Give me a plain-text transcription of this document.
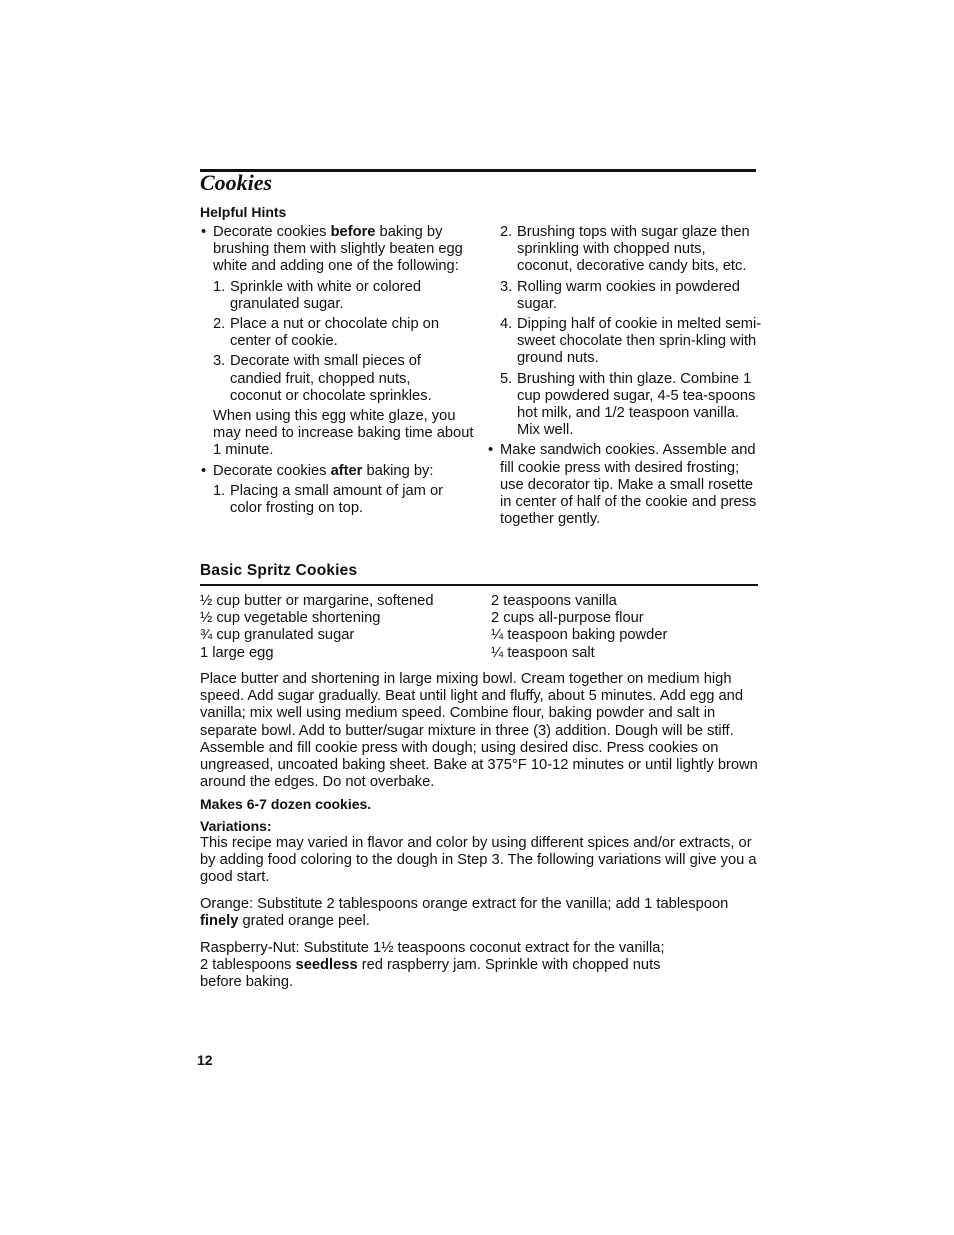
Cookies
Helpful Hints
• Decorate cookies before baking by brushing them with slightly beaten egg white and adding one of the following:
1. Sprinkle with white or colored granulated sugar.
2. Place a nut or chocolate chip on center of cookie.
3. Decorate with small pieces of candied fruit, chopped nuts, coconut or chocolate sprinkles.
When using this egg white glaze, you may need to increase baking time about 1 minute.
• Decorate cookies after baking by:
1. Placing a small amount of jam or color frosting on top.
2. Brushing tops with sugar glaze then sprinkling with chopped nuts, coconut, decorative candy bits, etc.
3. Rolling warm cookies in powdered sugar.
4. Dipping half of cookie in melted semi-sweet chocolate then sprin-kling with ground nuts.
5. Brushing with thin glaze. Combine 1 cup powdered sugar, 4-5 tea-spoons hot milk, and 1/2 teaspoon vanilla. Mix well.
• Make sandwich cookies. Assemble and fill cookie press with desired frosting; use decorator tip. Make a small rosette in center of half of the cookie and press together gently.
Basic Spritz Cookies
½ cup butter or margarine, softened
½ cup vegetable shortening
¾ cup granulated sugar
1 large egg
2 teaspoons vanilla
2 cups all-purpose flour
¼ teaspoon baking powder
¼ teaspoon salt
Place butter and shortening in large mixing bowl. Cream together on medium high speed. Add sugar gradually. Beat until light and fluffy, about 5 minutes. Add egg and vanilla; mix well using medium speed. Combine flour, baking powder and salt in separate bowl. Add to butter/sugar mixture in three (3) addition. Dough will be stiff. Assemble and fill cookie press with dough; using desired disc. Press cookies on ungreased, uncoated baking sheet. Bake at 375°F 10-12 minutes or until lightly brown around the edges. Do not overbake.
Makes 6-7 dozen cookies.
Variations:
This recipe may varied in flavor and color by using different spices and/or extracts, or by adding food coloring to the dough in Step 3. The following variations will give you a good start.
Orange: Substitute 2 tablespoons orange extract for the vanilla; add 1 tablespoon finely grated orange peel.
Raspberry-Nut: Substitute 1½ teaspoons coconut extract for the vanilla;
2 tablespoons seedless red raspberry jam. Sprinkle with chopped nuts
before baking.
12
